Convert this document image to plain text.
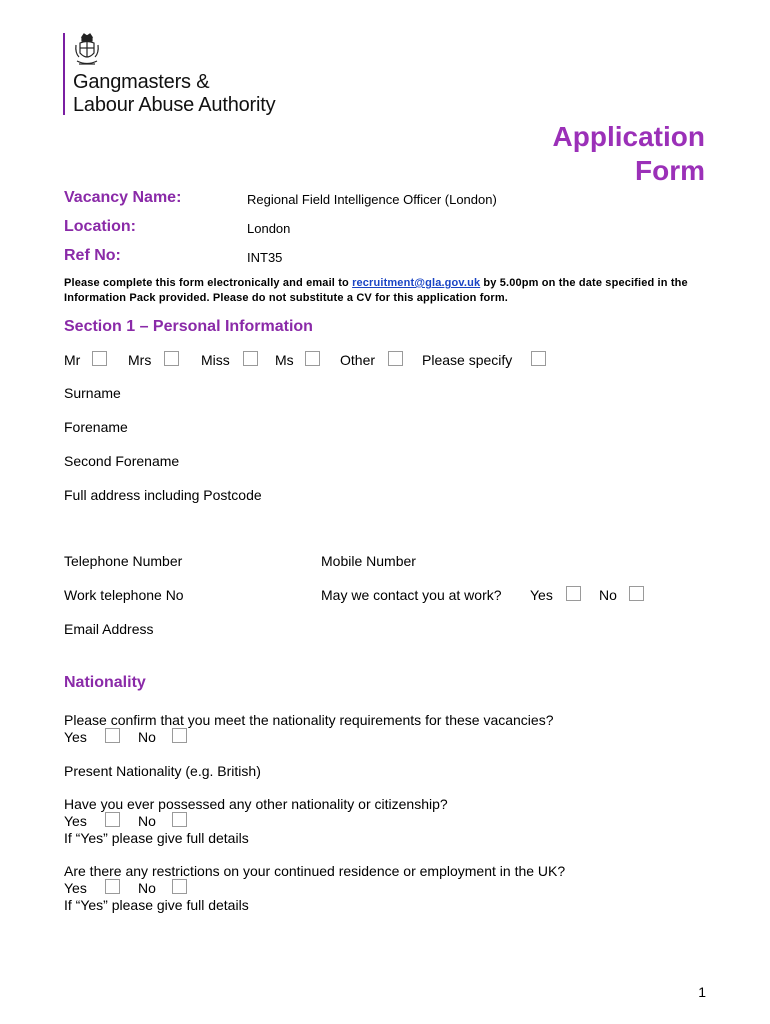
Gangmasters &
Labour Abuse Authority
Application
Form
Vacancy Name:	Regional Field Intelligence Officer (London)
Location:	London
Ref No:	INT35
Please complete this form electronically and email to recruitment@gla.gov.uk by 5.00pm on the date specified in the Information Pack provided. Please do not substitute a CV for this application form.
Section 1 – Personal Information
Mr	Mrs	Miss	Ms	Other	Please specify
Surname
Forename
Second Forename
Full address including Postcode
Telephone Number	Mobile Number
Work telephone No	May we contact you at work? Yes	No
Email Address
Nationality
Please confirm that you meet the nationality requirements for these vacancies?
Yes	No
Present Nationality (e.g. British)
Have you ever possessed any other nationality or citizenship?
Yes	No
If “Yes” please give full details
Are there any restrictions on your continued residence or employment in the UK?
Yes	No
If “Yes” please give full details
1
